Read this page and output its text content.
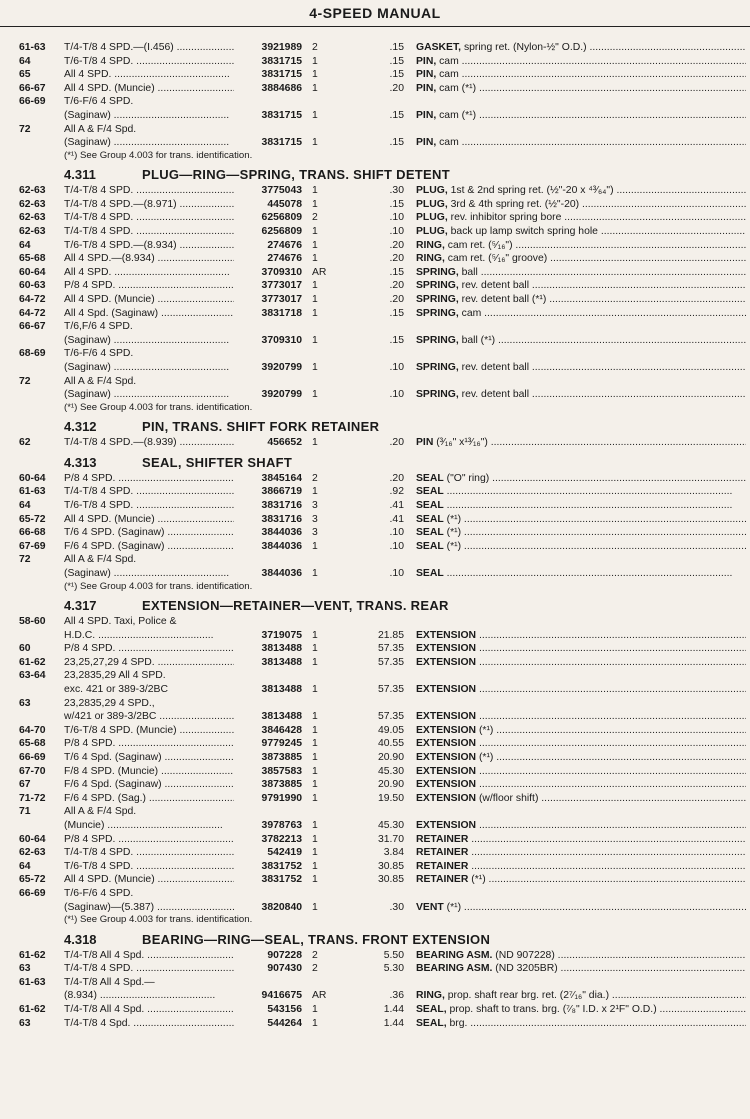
4-SPEED MANUAL
61-63	T/4-T/8 4 SPD.—(I.456) .....	3921989 2	.15 GASKET, spring ret. (Nylon-½" O.D.) .....
64	T/6-T/8 4 SPD. .....	3831715 1	.15 PIN, cam .....
65	All 4 SPD. .....	3831715 1	.15 PIN, cam .....
66-67	All 4 SPD. (Muncie) .....	3884686 1	.20 PIN, cam (*¹) .....
66-69	T/6-F/6 4 SPD.
(Saginaw) .....	3831715 1	.15 PIN, cam (*¹) .....
72	All A & F/4 Spd.
(Saginaw) .....	3831715 1	.15 PIN, cam .....
(*¹) See Group 4.003 for trans. identification.
4.311	PLUG—RING—SPRING, TRANS. SHIFT DETENT
62-63	T/4-T/8 4 SPD. .....	3775043 1	.30 PLUG, 1st & 2nd spring ret. (½"-20 x ⁴³⁄₆₄") .....
62-63	T/4-T/8 4 SPD.—(8.971) .....	445078 1	.15 PLUG, 3rd & 4th spring ret. (½"-20) .....
62-63	T/4-T/8 4 SPD. .....	6256809 2	.10 PLUG, rev. inhibitor spring bore .....
62-63	T/4-T/8 4 SPD. .....	6256809 1	.10 PLUG, back up lamp switch spring hole .....
64	T/6-T/8 4 SPD.—(8.934) .....	274676 1	.20 RING, cam ret. (⁵⁄₁₆") .....
65-68	All 4 SPD.—(8.934) .....	274676 1	.20 RING, cam ret. (⁵⁄₁₆" groove) .....
60-64	All 4 SPD. .....	3709310 AR	.15 SPRING, ball .....
60-63	P/8 4 SPD. .....	3773017 1	.20 SPRING, rev. detent ball .....
64-72	All 4 SPD. (Muncie) .....	3773017 1	.20 SPRING, rev. detent ball (*¹) .....
64-72	All 4 Spd. (Saginaw) .....	3831718 1	.15 SPRING, cam .....
66-67	T/6,F/6 4 SPD.
(Saginaw) .....	3709310 1	.15 SPRING, ball (*¹) .....
68-69	T/6-F/6 4 SPD.
(Saginaw) .....	3920799 1	.10 SPRING, rev. detent ball .....
72	All A & F/4 Spd.
(Saginaw) .....	3920799 1	.10 SPRING, rev. detent ball .....
(*¹) See Group 4.003 for trans. identification.
4.312	PIN, TRANS. SHIFT FORK RETAINER
62	T/4-T/8 4 SPD.—(8.939) .....	456652 1	.20 PIN (³⁄₁₆" x¹³⁄₁₆") .....
4.313	SEAL, SHIFTER SHAFT
60-64	P/8 4 SPD. .....	3845164 2	.20 SEAL ("O" ring) .....
61-63	T/4-T/8 4 SPD. .....	3866719 1	.92 SEAL .....
64	T/6-T/8 4 SPD. .....	3831716 3	.41 SEAL .....
65-72	All 4 SPD. (Muncie) .....	3831716 3	.41 SEAL (*¹) .....
66-68	T/6 4 SPD. (Saginaw) .....	3844036 3	.10 SEAL (*¹) .....
67-69	F/6 4 SPD. (Saginaw) .....	3844036 1	.10 SEAL (*¹) .....
72	All A & F/4 Spd.
(Saginaw) .....	3844036 1	.10 SEAL .....
(*¹) See Group 4.003 for trans. identification.
4.317	EXTENSION—RETAINER—VENT, TRANS. REAR
58-60	All 4 SPD. Taxi, Police &
H.D.C. .....	3719075 1	21.85 EXTENSION .....
60	P/8 4 SPD. .....	3813488 1	57.35 EXTENSION .....
61-62	23,25,27,29 4 SPD. .....	3813488 1	57.35 EXTENSION .....
63-64	23,2835,29 All 4 SPD.
exc. 421 or 389-3/2BC	3813488 1	57.35 EXTENSION .....
63	23,2835,29 4 SPD.,
w/421 or 389-3/2BC .....	3813488 1	57.35 EXTENSION .....
64-70	T/6-T/8 4 SPD. (Muncie) .....	3846428 1	49.05 EXTENSION (*¹) .....
65-68	P/8 4 SPD. .....	9779245 1	40.55 EXTENSION .....
66-69	T/6 4 Spd. (Saginaw) .....	3873885 1	20.90 EXTENSION (*¹) .....
67-70	F/8 4 SPD. (Muncie) .....	3857583 1	45.30 EXTENSION .....
67	F/6 4 Spd. (Saginaw) .....	3873885 1	20.90 EXTENSION .....
71-72	F/6 4 SPD. (Sag.) .....	9791990 1	19.50 EXTENSION (w/floor shift) .....
71	All A & F/4 Spd.
(Muncie) .....	3978763 1	45.30 EXTENSION .....
60-64	P/8 4 SPD. .....	3782213 1	31.70 RETAINER .....
62-63	T/4-T/8 4 SPD. .....	542419 1	3.84 RETAINER .....
64	T/6-T/8 4 SPD. .....	3831752 1	30.85 RETAINER .....
65-72	All 4 SPD. (Muncie) .....	3831752 1	30.85 RETAINER (*¹) .....
66-69	T/6-F/6 4 SPD.
(Saginaw)—(5.387) .....	3820840 1	.30 VENT (*¹) .....
(*¹) See Group 4.003 for trans. identification.
4.318	BEARING—RING—SEAL, TRANS. FRONT EXTENSION
61-62	T/4-T/8 All 4 Spd. .....	907228 2	5.50 BEARING ASM. (ND 907228) .....
63	T/4-T/8 4 SPD. .....	907430 2	5.30 BEARING ASM. (ND 3205BR) .....
61-63	T/4-T/8 All 4 Spd.—
(8.934) .....	9416675 AR	.36 RING, prop. shaft rear brg. ret. (2⁷⁄₁₆" dia.) .....
61-62	T/4-T/8 All 4 Spd. .....	543156 1	1.44 SEAL, prop. shaft to trans. brg. (⁷⁄₈" I.D. x 2¹F" O.D.) .....
63	T/4-T/8 4 Spd. .....	544264 1	1.44 SEAL, brg. .....
